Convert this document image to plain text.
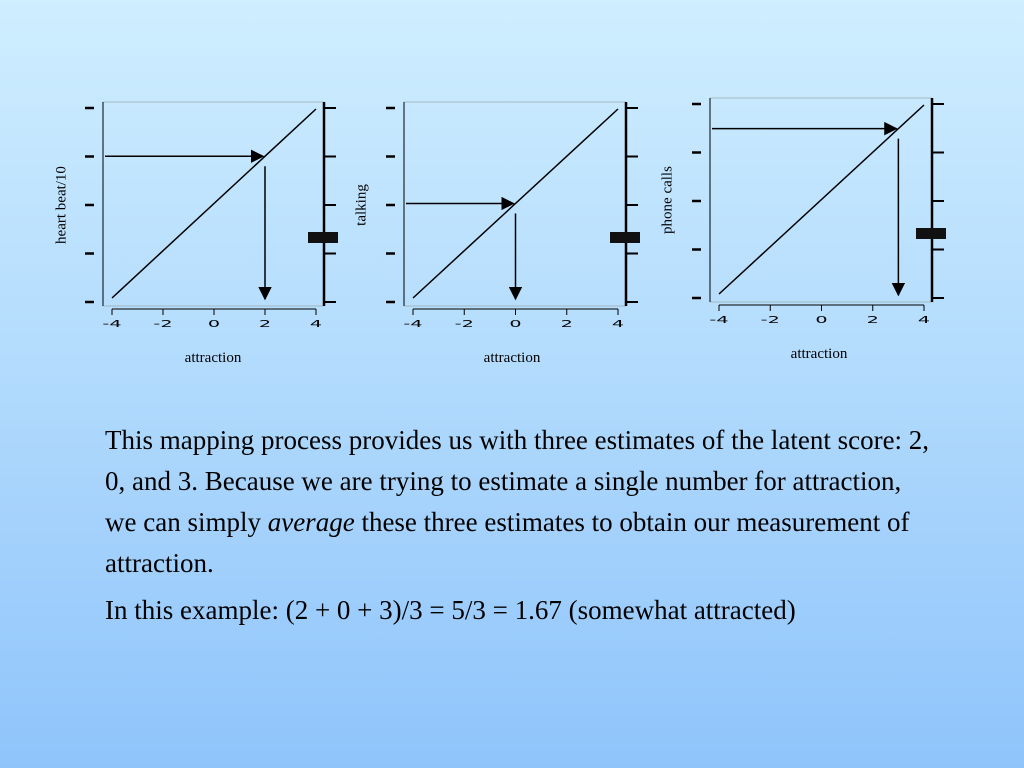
-4 -2 0 2 4
heart beat/10
attraction
-4 -2 0 2 4
talking
attraction
-4 -2 0 2 4
phone calls
attraction

This mapping process provides us with three estimates of the latent score: 2, 0, and 3. Because we are trying to estimate a single number for attraction, we can simply average these three estimates to obtain our measurement of attraction.

In this example: (2 + 0 + 3)/3 = 5/3 = 1.67 (somewhat attracted)
